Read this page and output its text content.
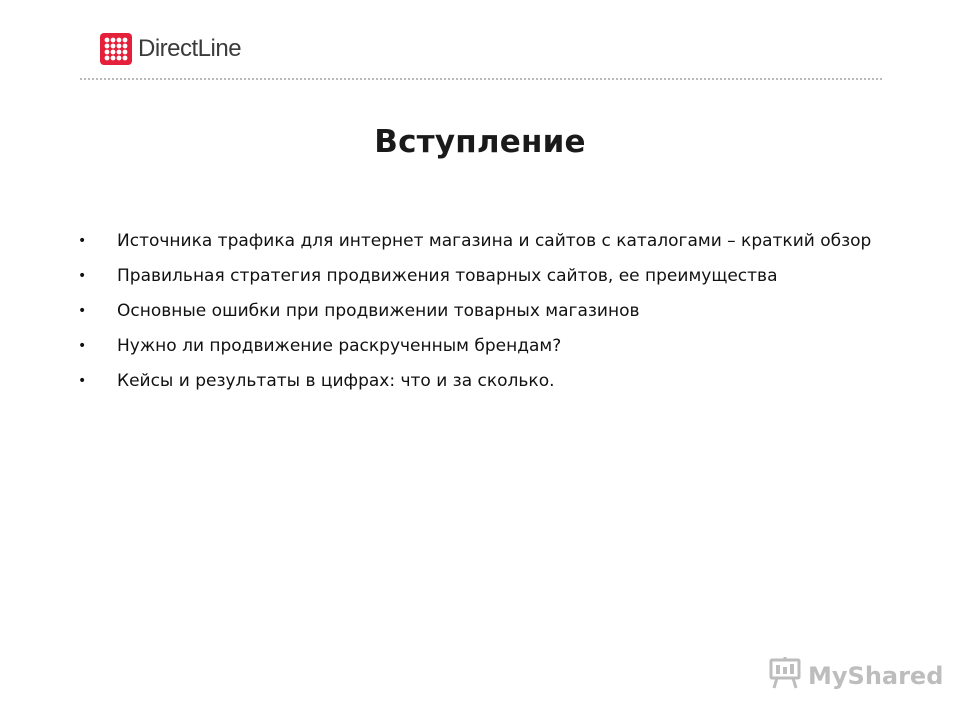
DirectLine
Вступление
• Источника трафика для интернет магазина и сайтов с каталогами – краткий обзор
• Правильная стратегия продвижения товарных сайтов, ее преимущества
• Основные ошибки при продвижении товарных магазинов
• Нужно ли продвижение раскрученным брендам?
• Кейсы и результаты в цифрах: что и за сколько.
MyShared
